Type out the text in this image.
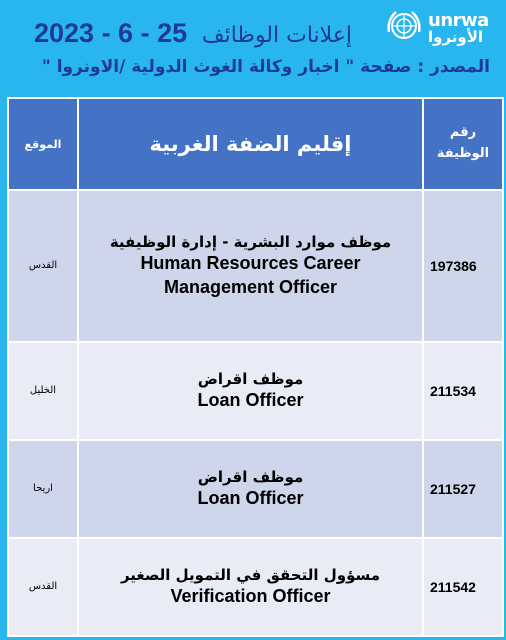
unrwa
الأونروا
2023 - 6 - 25 إعلانات الوظائف
المصدر : صفحة " اخبار وكالة الغوث الدولية /الاونروا "
الموقع	إقليم الضفة الغربية	رقم
الوظيفة

القدس	موظف موارد البشرية - إدارة الوظيفية
Human Resources Career
Management Officer	197386
الخليل	موظف اقراض
Loan Officer	211534
اريحا	موظف اقراض
Loan Officer	211527
القدس	مسؤول التحقق في التمويل الصغير
Verification Officer	211542
